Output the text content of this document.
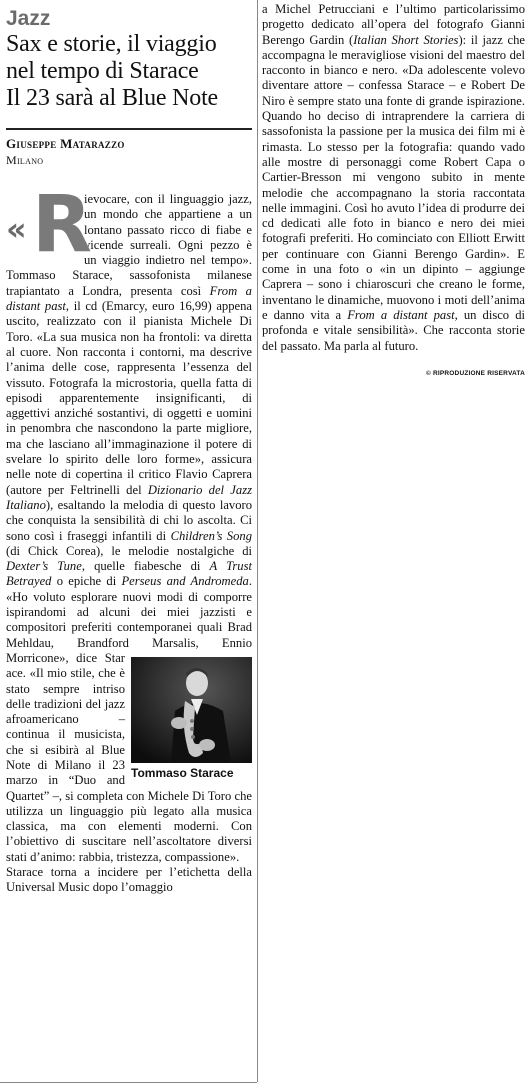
Jazz
Sax e storie, il viaggio
nel tempo di Starace
Il 23 sarà al Blue Note
Giuseppe Matarazzo
Milano
« R

ievocare, con il linguaggio jazz, un mondo che appartiene a un lontano passato ricco di fiabe e vicende surreali. Ogni pezzo è un viaggio indietro nel tempo». Tommaso Starace, sassofonista milanese trapiantato a Londra, presenta così From a distant past, il cd (Emarcy, euro 16,99) appena uscito, realizzato con il pianista Michele Di Toro. «La sua musica non ha frontoli: va diretta al cuore. Non racconta i contorni, ma descrive l’anima delle cose, rappresenta l’essenza del vissuto. Fotografa la microstoria, quella fatta di episodi apparentemente insignificanti, di aggettivi anziché sostantivi, di oggetti e uomini in penombra che nascondono la parte migliore, ma che lasciano all’immaginazione il potere di svelare lo spirito delle loro forme», assicura nelle note di copertina il critico Flavio Caprera (autore per Feltrinelli del Dizionario del Jazz Italiano), esaltando la melodia di questo lavoro che conquista la sensibilità di chi lo ascolta. Ci sono così i fraseggi infantili di Children’s Song (di Chick Corea), le melodie nostalgiche di Dexter’s Tune, quelle fiabesche di A Trust Betrayed o epiche di Perseus and Andromeda. «Ho voluto esplorare nuovi modi di comporre ispirandomi ad alcuni dei miei jazzisti e compositori preferiti contemporanei quali Brad Mehldau, Brandford Marsalis, Ennio Morricone», dice Star
Tommaso Starace
ace. «Il mio stile, che è stato sempre intriso delle tradizioni del jazz afroamericano – continua il musicista, che si esibirà al Blue Note di Milano il 23 marzo in “Duo and Quartet” –, si completa con Michele Di Toro che utilizza un linguaggio più legato alla musica classica, ma con elementi moderni. Con l’obiettivo di suscitare nell’ascoltatore diversi stati d’animo: rabbia, tristezza, compassione».

Starace torna a incidere per l’etichetta della Universal Music dopo l’omaggio

a Michel Petrucciani e l’ultimo particolarissimo progetto dedicato all’opera del fotografo Gianni Berengo Gardin (Italian Short Stories): il jazz che accompagna le meravigliose visioni del maestro del racconto in bianco e nero. «Da adolescente volevo diventare attore – confessa Starace – e Robert De Niro è sempre stato una fonte di grande ispirazione. Quando ho deciso di intraprendere la carriera di sassofonista la passione per la musica dei film mi è rimasta. Lo stesso per la fotografia: quando vado alle mostre di personaggi come Robert Capa o Cartier-Bresson mi vengono subito in mente melodie che accompagnano la storia raccontata nelle immagini. Così ho avuto l’idea di produrre dei cd dedicati alle foto in bianco e nero dei miei fotografi preferiti. Ho cominciato con Elliott Erwitt per continuare con Gianni Berengo Gardin». E come in una foto o «in un dipinto – aggiunge Caprera – sono i chiaroscuri che creano le forme, inventano le dinamiche, muovono i moti dell’anima e danno vita a From a distant past, un disco di profonda e vitale sensibilità». Che racconta storie del passato. Ma parla al futuro.

© RIPRODUZIONE RISERVATA
